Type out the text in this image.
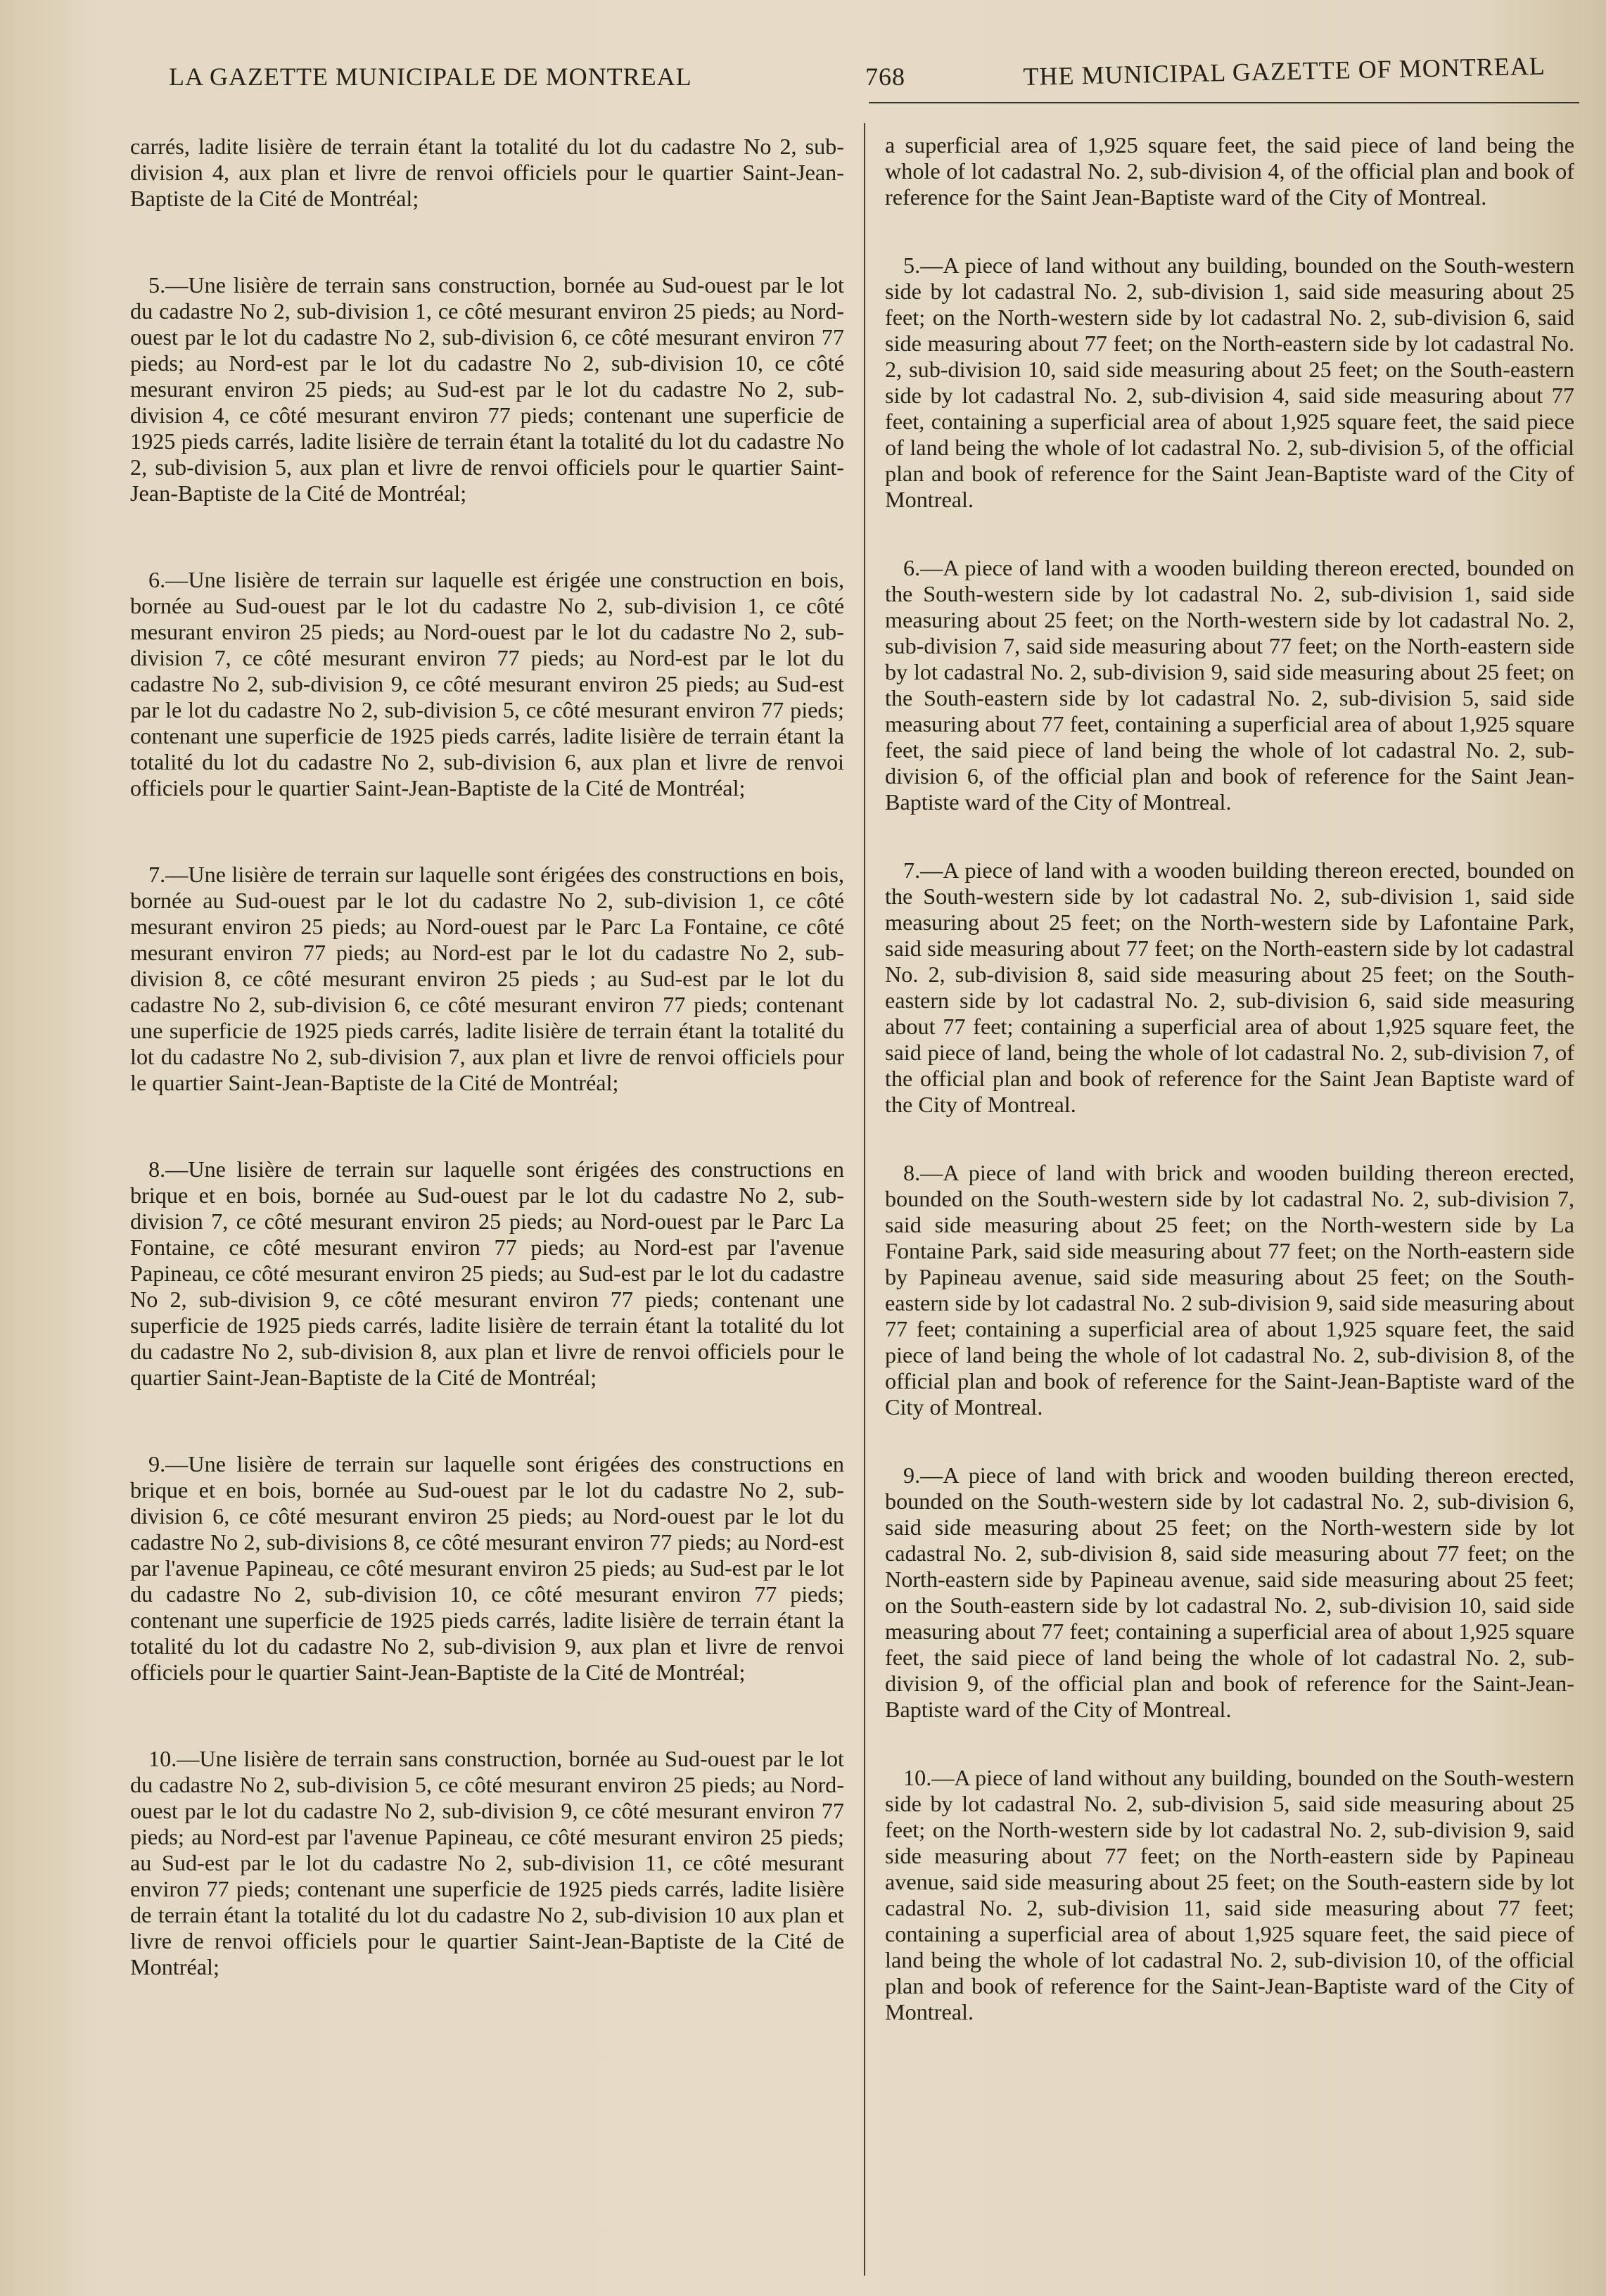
LA GAZETTE MUNICIPALE DE MONTREAL	768	THE MUNICIPAL GAZETTE OF MONTREAL

carrés, ladite lisière de terrain étant la totalité du lot du cadastre No 2, sub-division 4, aux plan et livre de renvoi officiels pour le quartier Saint-Jean-Baptiste de la Cité de Montréal;

5.—Une lisière de terrain sans construction, bornée au Sud-ouest par le lot du cadastre No 2, sub-division 1, ce côté mesurant environ 25 pieds; au Nord-ouest par le lot du cadastre No 2, sub-division 6, ce côté mesurant environ 77 pieds; au Nord-est par le lot du cadastre No 2, sub-division 10, ce côté mesurant environ 25 pieds; au Sud-est par le lot du cadastre No 2, sub-division 4, ce côté mesurant environ 77 pieds; contenant une superficie de 1925 pieds carrés, ladite lisière de terrain étant la totalité du lot du cadastre No 2, sub-division 5, aux plan et livre de renvoi officiels pour le quartier Saint-Jean-Baptiste de la Cité de Montréal;

6.—Une lisière de terrain sur laquelle est érigée une construction en bois, bornée au Sud-ouest par le lot du cadastre No 2, sub-division 1, ce côté mesurant environ 25 pieds; au Nord-ouest par le lot du cadastre No 2, sub-division 7, ce côté mesurant environ 77 pieds; au Nord-est par le lot du cadastre No 2, sub-division 9, ce côté mesurant environ 25 pieds; au Sud-est par le lot du cadastre No 2, sub-division 5, ce côté mesurant environ 77 pieds; contenant une superficie de 1925 pieds carrés, ladite lisière de terrain étant la totalité du lot du cadastre No 2, sub-division 6, aux plan et livre de renvoi officiels pour le quartier Saint-Jean-Baptiste de la Cité de Montréal;

7.—Une lisière de terrain sur laquelle sont érigées des constructions en bois, bornée au Sud-ouest par le lot du cadastre No 2, sub-division 1, ce côté mesurant environ 25 pieds; au Nord-ouest par le Parc La Fontaine, ce côté mesurant environ 77 pieds; au Nord-est par le lot du cadastre No 2, sub-division 8, ce côté mesurant environ 25 pieds ; au Sud-est par le lot du cadastre No 2, sub-division 6, ce côté mesurant environ 77 pieds; contenant une superficie de 1925 pieds carrés, ladite lisière de terrain étant la totalité du lot du cadastre No 2, sub-division 7, aux plan et livre de renvoi officiels pour le quartier Saint-Jean-Baptiste de la Cité de Montréal;

8.—Une lisière de terrain sur laquelle sont érigées des constructions en brique et en bois, bornée au Sud-ouest par le lot du cadastre No 2, sub-division 7, ce côté mesurant environ 25 pieds; au Nord-ouest par le Parc La Fontaine, ce côté mesurant environ 77 pieds; au Nord-est par l'avenue Papineau, ce côté mesurant environ 25 pieds; au Sud-est par le lot du cadastre No 2, sub-division 9, ce côté mesurant environ 77 pieds; contenant une superficie de 1925 pieds carrés, ladite lisière de terrain étant la totalité du lot du cadastre No 2, sub-division 8, aux plan et livre de renvoi officiels pour le quartier Saint-Jean-Baptiste de la Cité de Montréal;

9.—Une lisière de terrain sur laquelle sont érigées des constructions en brique et en bois, bornée au Sud-ouest par le lot du cadastre No 2, sub-division 6, ce côté mesurant environ 25 pieds; au Nord-ouest par le lot du cadastre No 2, sub-divisions 8, ce côté mesurant environ 77 pieds; au Nord-est par l'avenue Papineau, ce côté mesurant environ 25 pieds; au Sud-est par le lot du cadastre No 2, sub-division 10, ce côté mesurant environ 77 pieds; contenant une superficie de 1925 pieds carrés, ladite lisière de terrain étant la totalité du lot du cadastre No 2, sub-division 9, aux plan et livre de renvoi officiels pour le quartier Saint-Jean-Baptiste de la Cité de Montréal;

10.—Une lisière de terrain sans construction, bornée au Sud-ouest par le lot du cadastre No 2, sub-division 5, ce côté mesurant environ 25 pieds; au Nord-ouest par le lot du cadastre No 2, sub-division 9, ce côté mesurant environ 77 pieds; au Nord-est par l'avenue Papineau, ce côté mesurant environ 25 pieds; au Sud-est par le lot du cadastre No 2, sub-division 11, ce côté mesurant environ 77 pieds; contenant une superficie de 1925 pieds carrés, ladite lisière de terrain étant la totalité du lot du cadastre No 2, sub-division 10 aux plan et livre de renvoi officiels pour le quartier Saint-Jean-Baptiste de la Cité de Montréal;

a superficial area of 1,925 square feet, the said piece of land being the whole of lot cadastral No. 2, sub-division 4, of the official plan and book of reference for the Saint Jean-Baptiste ward of the City of Montreal.

5.—A piece of land without any building, bounded on the South-western side by lot cadastral No. 2, sub-division 1, said side measuring about 25 feet; on the North-western side by lot cadastral No. 2, sub-division 6, said side measuring about 77 feet; on the North-eastern side by lot cadastral No. 2, sub-division 10, said side measuring about 25 feet; on the South-eastern side by lot cadastral No. 2, sub-division 4, said side measuring about 77 feet, containing a superficial area of about 1,925 square feet, the said piece of land being the whole of lot cadastral No. 2, sub-division 5, of the official plan and book of reference for the Saint Jean-Baptiste ward of the City of Montreal.

6.—A piece of land with a wooden building thereon erected, bounded on the South-western side by lot cadastral No. 2, sub-division 1, said side measuring about 25 feet; on the North-western side by lot cadastral No. 2, sub-division 7, said side measuring about 77 feet; on the North-eastern side by lot cadastral No. 2, sub-division 9, said side measuring about 25 feet; on the South-eastern side by lot cadastral No. 2, sub-division 5, said side measuring about 77 feet, containing a superficial area of about 1,925 square feet, the said piece of land being the whole of lot cadastral No. 2, sub-division 6, of the official plan and book of reference for the Saint Jean-Baptiste ward of the City of Montreal.

7.—A piece of land with a wooden building thereon erected, bounded on the South-western side by lot cadastral No. 2, sub-division 1, said side measuring about 25 feet; on the North-western side by Lafontaine Park, said side measuring about 77 feet; on the North-eastern side by lot cadastral No. 2, sub-division 8, said side measuring about 25 feet; on the South-eastern side by lot cadastral No. 2, sub-division 6, said side measuring about 77 feet; containing a superficial area of about 1,925 square feet, the said piece of land, being the whole of lot cadastral No. 2, sub-division 7, of the official plan and book of reference for the Saint Jean Baptiste ward of the City of Montreal.

8.—A piece of land with brick and wooden building thereon erected, bounded on the South-western side by lot cadastral No. 2, sub-division 7, said side measuring about 25 feet; on the North-western side by La Fontaine Park, said side measuring about 77 feet; on the North-eastern side by Papineau avenue, said side measuring about 25 feet; on the South-eastern side by lot cadastral No. 2 sub-division 9, said side measuring about 77 feet; containing a superficial area of about 1,925 square feet, the said piece of land being the whole of lot cadastral No. 2, sub-division 8, of the official plan and book of reference for the Saint-Jean-Baptiste ward of the City of Montreal.

9.—A piece of land with brick and wooden building thereon erected, bounded on the South-western side by lot cadastral No. 2, sub-division 6, said side measuring about 25 feet; on the North-western side by lot cadastral No. 2, sub-division 8, said side measuring about 77 feet; on the North-eastern side by Papineau avenue, said side measuring about 25 feet; on the South-eastern side by lot cadastral No. 2, sub-division 10, said side measuring about 77 feet; containing a superficial area of about 1,925 square feet, the said piece of land being the whole of lot cadastral No. 2, sub-division 9, of the official plan and book of reference for the Saint-Jean-Baptiste ward of the City of Montreal.

10.—A piece of land without any building, bounded on the South-western side by lot cadastral No. 2, sub-division 5, said side measuring about 25 feet; on the North-western side by lot cadastral No. 2, sub-division 9, said side measuring about 77 feet; on the North-eastern side by Papineau avenue, said side measuring about 25 feet; on the South-eastern side by lot cadastral No. 2, sub-division 11, said side measuring about 77 feet; containing a superficial area of about 1,925 square feet, the said piece of land being the whole of lot cadastral No. 2, sub-division 10, of the official plan and book of reference for the Saint-Jean-Baptiste ward of the City of Montreal.
